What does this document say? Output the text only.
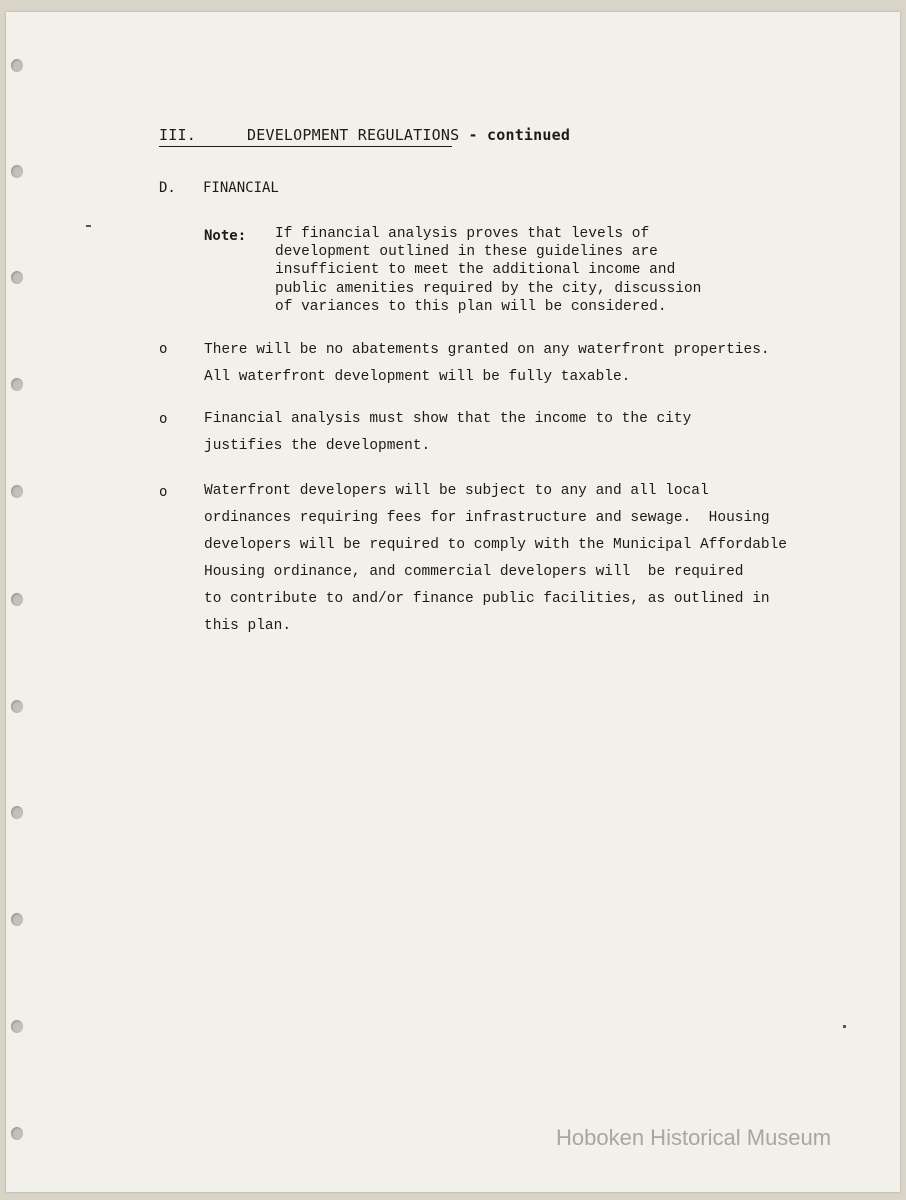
III.	DEVELOPMENT REGULATIONS - continued
D. FINANCIAL
Note: If financial analysis proves that levels of
development outlined in these guidelines are
insufficient to meet the additional income and
public amenities required by the city, discussion
of variances to this plan will be considered.
o	There will be no abatements granted on any waterfront properties.
All waterfront development will be fully taxable.
o	Financial analysis must show that the income to the city
justifies the development.
o	Waterfront developers will be subject to any and all local
ordinances requiring fees for infrastructure and sewage.  Housing
developers will be required to comply with the Municipal Affordable
Housing ordinance, and commercial developers will  be required
to contribute to and/or finance public facilities, as outlined in
this plan.
Hoboken Historical Museum
